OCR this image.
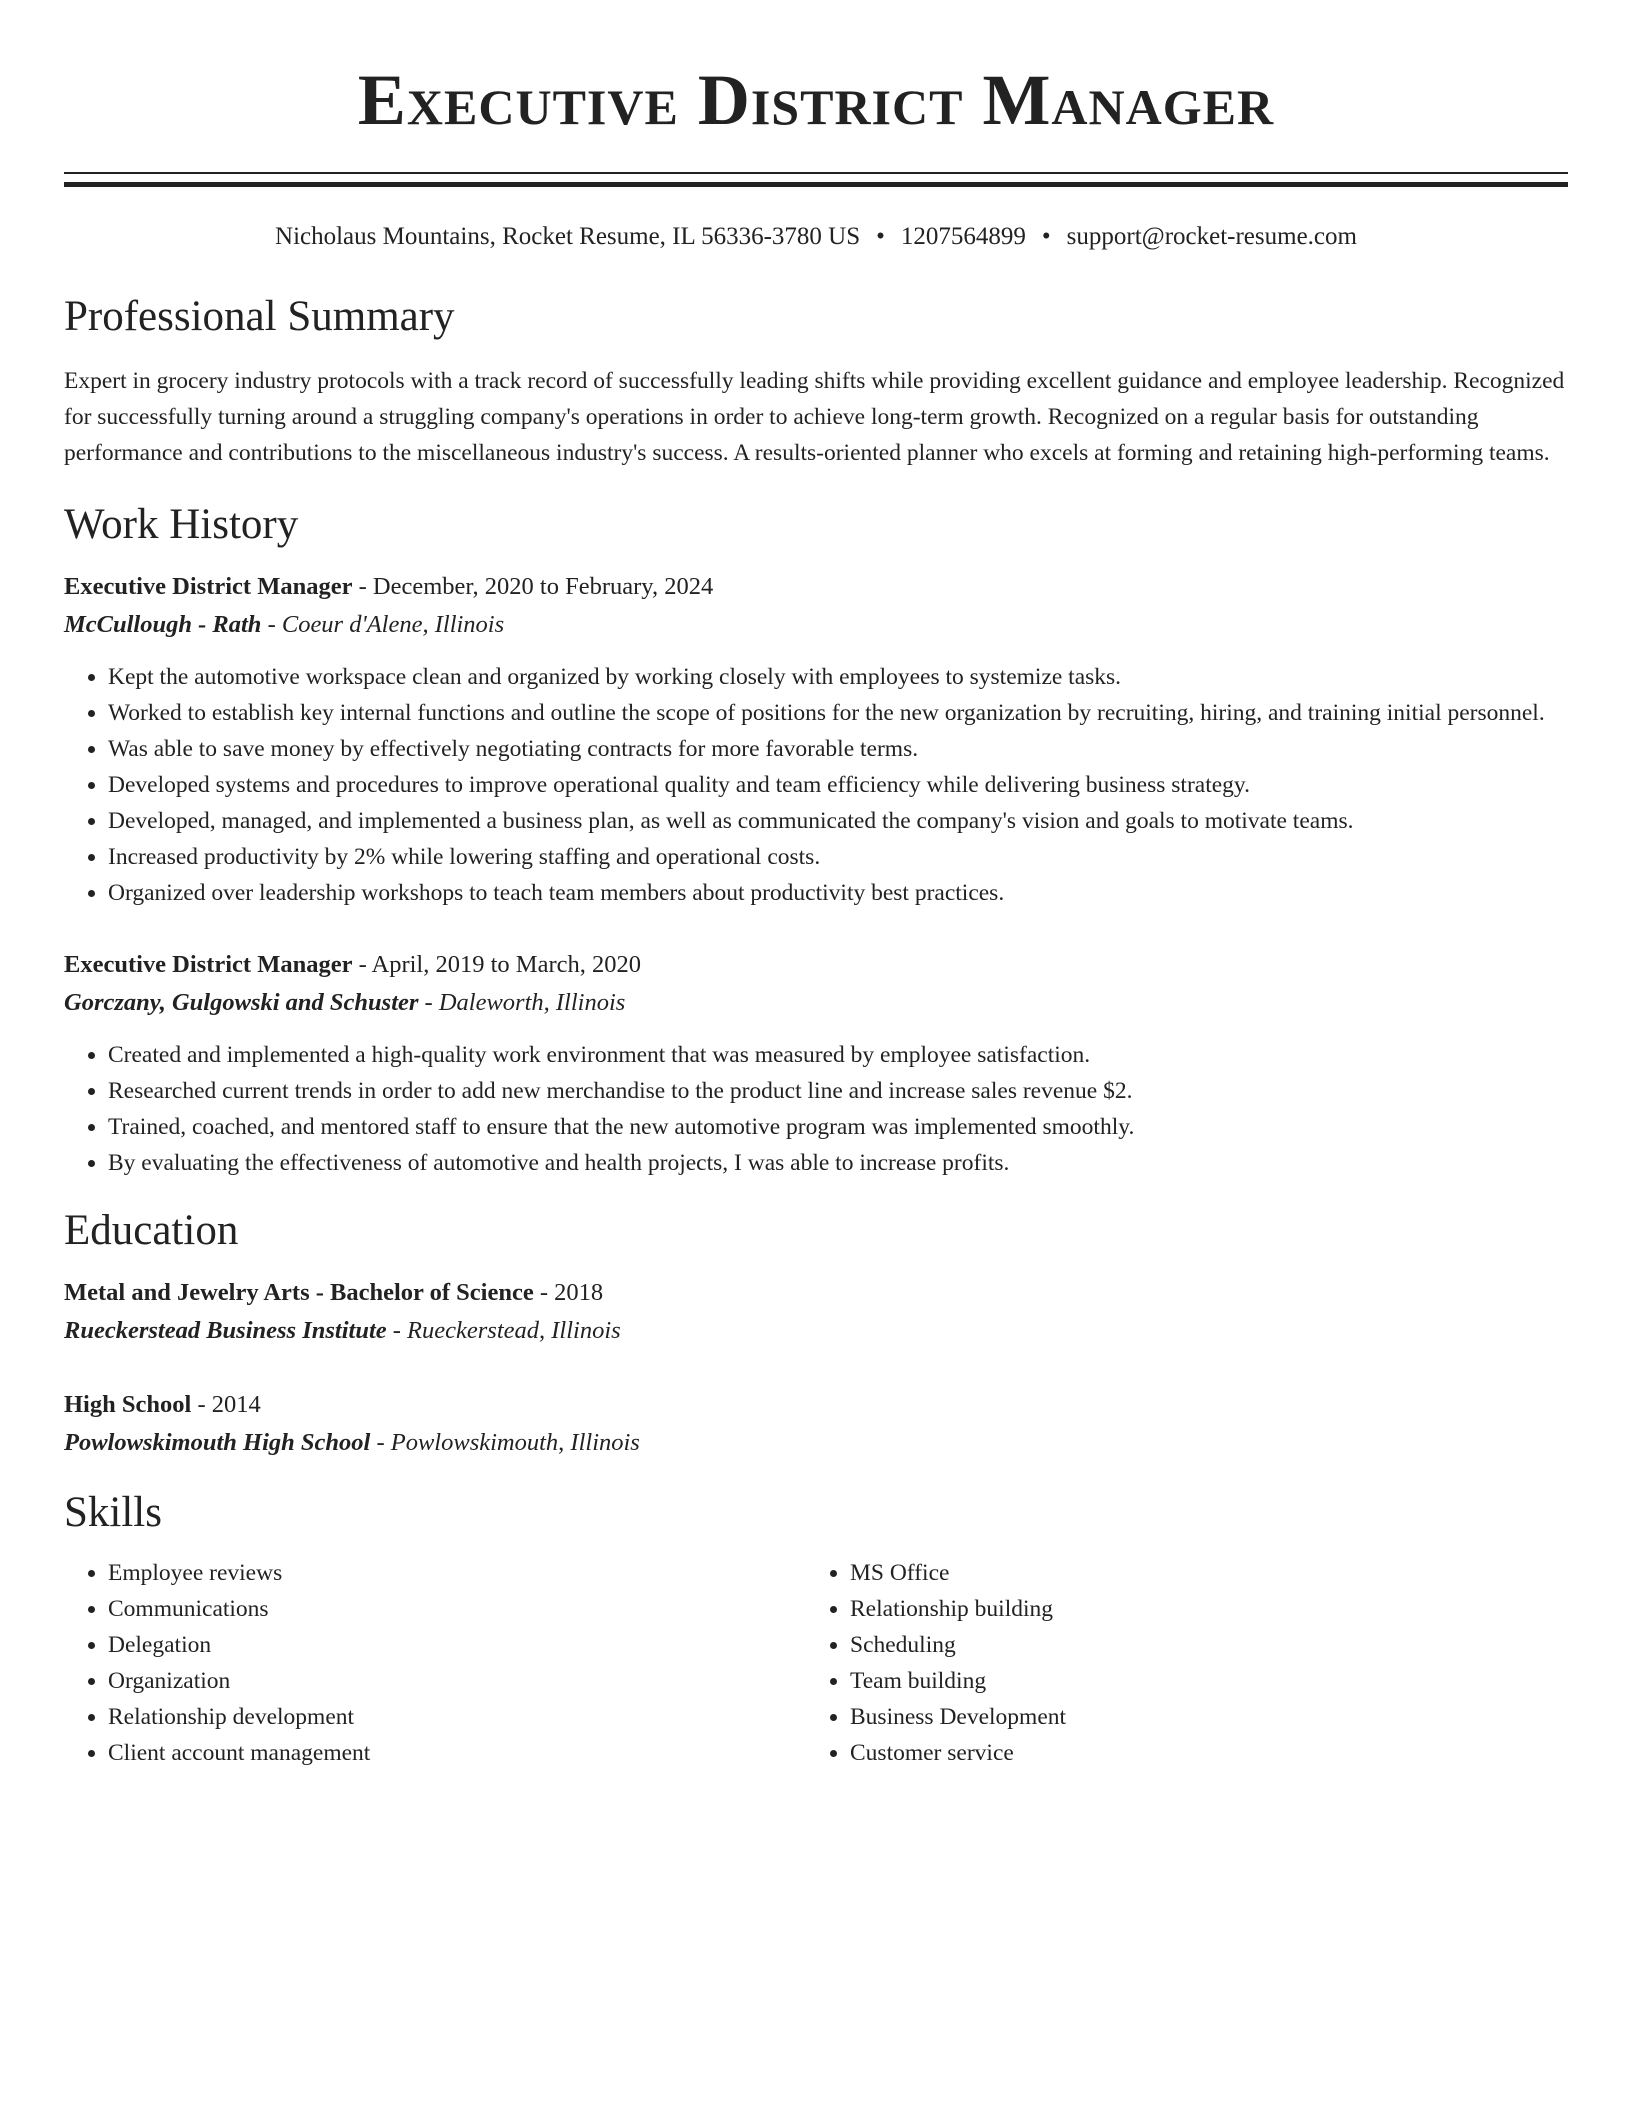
Executive District Manager
Nicholaus Mountains, Rocket Resume, IL 56336-3780 US • 1207564899 • support@rocket-resume.com
Professional Summary
Expert in grocery industry protocols with a track record of successfully leading shifts while providing excellent guidance and employee leadership. Recognized for successfully turning around a struggling company's operations in order to achieve long-term growth. Recognized on a regular basis for outstanding performance and contributions to the miscellaneous industry's success. A results-oriented planner who excels at forming and retaining high-performing teams.
Work History
Executive District Manager - December, 2020 to February, 2024
McCullough - Rath - Coeur d'Alene, Illinois
• Kept the automotive workspace clean and organized by working closely with employees to systemize tasks.
• Worked to establish key internal functions and outline the scope of positions for the new organization by recruiting, hiring, and training initial personnel.
• Was able to save money by effectively negotiating contracts for more favorable terms.
• Developed systems and procedures to improve operational quality and team efficiency while delivering business strategy.
• Developed, managed, and implemented a business plan, as well as communicated the company's vision and goals to motivate teams.
• Increased productivity by 2% while lowering staffing and operational costs.
• Organized over leadership workshops to teach team members about productivity best practices.
Executive District Manager - April, 2019 to March, 2020
Gorczany, Gulgowski and Schuster - Daleworth, Illinois
• Created and implemented a high-quality work environment that was measured by employee satisfaction.
• Researched current trends in order to add new merchandise to the product line and increase sales revenue $2.
• Trained, coached, and mentored staff to ensure that the new automotive program was implemented smoothly.
• By evaluating the effectiveness of automotive and health projects, I was able to increase profits.
Education
Metal and Jewelry Arts - Bachelor of Science - 2018
Rueckerstead Business Institute - Rueckerstead, Illinois
High School - 2014
Powlowskimouth High School - Powlowskimouth, Illinois
Skills
• Employee reviews
• Communications
• Delegation
• Organization
• Relationship development
• Client account management
• MS Office
• Relationship building
• Scheduling
• Team building
• Business Development
• Customer service
